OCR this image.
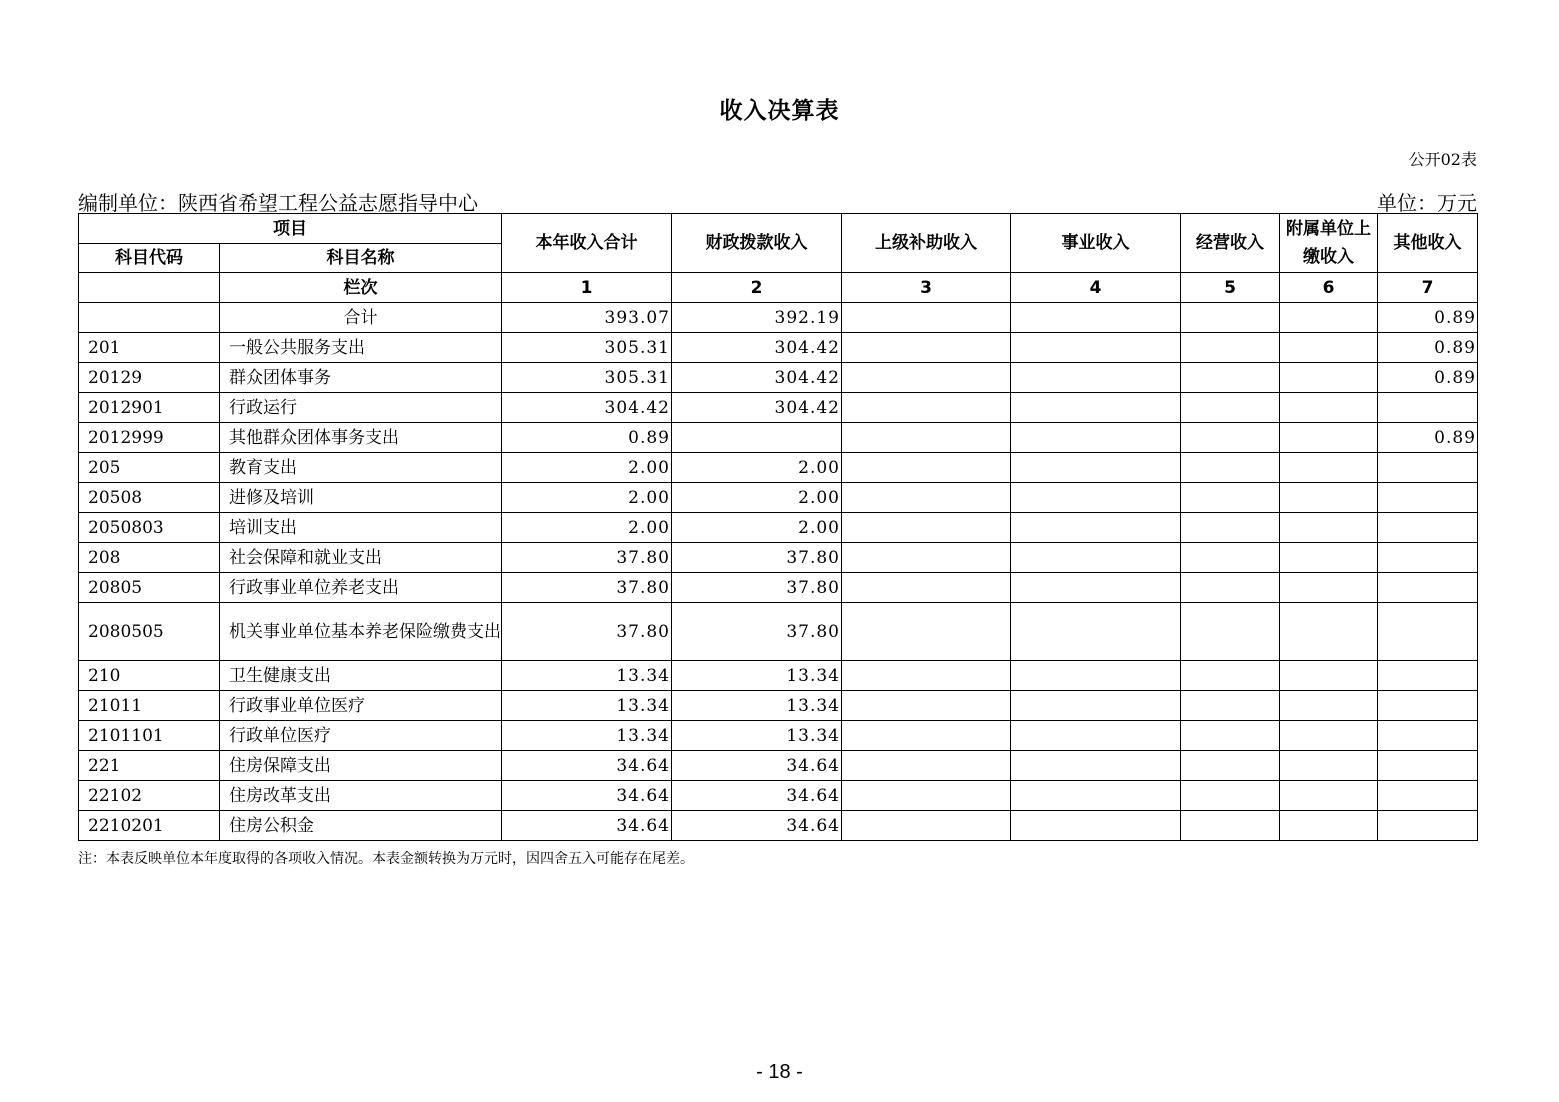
收入决算表
公开02表
编制单位：陕西省希望工程公益志愿指导中心	单位：万元
项目		本年收入合计	财政拨款收入	上级补助收入	事业收入	经营收入	附属单位上缴收入	其他收入
科目代码	科目名称							
	栏次	1	2	3	4	5	6	7
	合计	393.07	392.19					0.89
201	一般公共服务支出	305.31	304.42					0.89
20129	群众团体事务	305.31	304.42					0.89
2012901	行政运行	304.42	304.42					
2012999	其他群众团体事务支出	0.89						0.89
205	教育支出	2.00	2.00					
20508	进修及培训	2.00	2.00					
2050803	培训支出	2.00	2.00					
208	社会保障和就业支出	37.80	37.80					
20805	行政事业单位养老支出	37.80	37.80					
2080505	机关事业单位基本养老保险缴费支出	37.80	37.80					
210	卫生健康支出	13.34	13.34					
21011	行政事业单位医疗	13.34	13.34					
2101101	行政单位医疗	13.34	13.34					
221	住房保障支出	34.64	34.64					
22102	住房改革支出	34.64	34.64					
2210201	住房公积金	34.64	34.64					
注：本表反映单位本年度取得的各项收入情况。本表金额转换为万元时，因四舍五入可能存在尾差。
- 18 -
